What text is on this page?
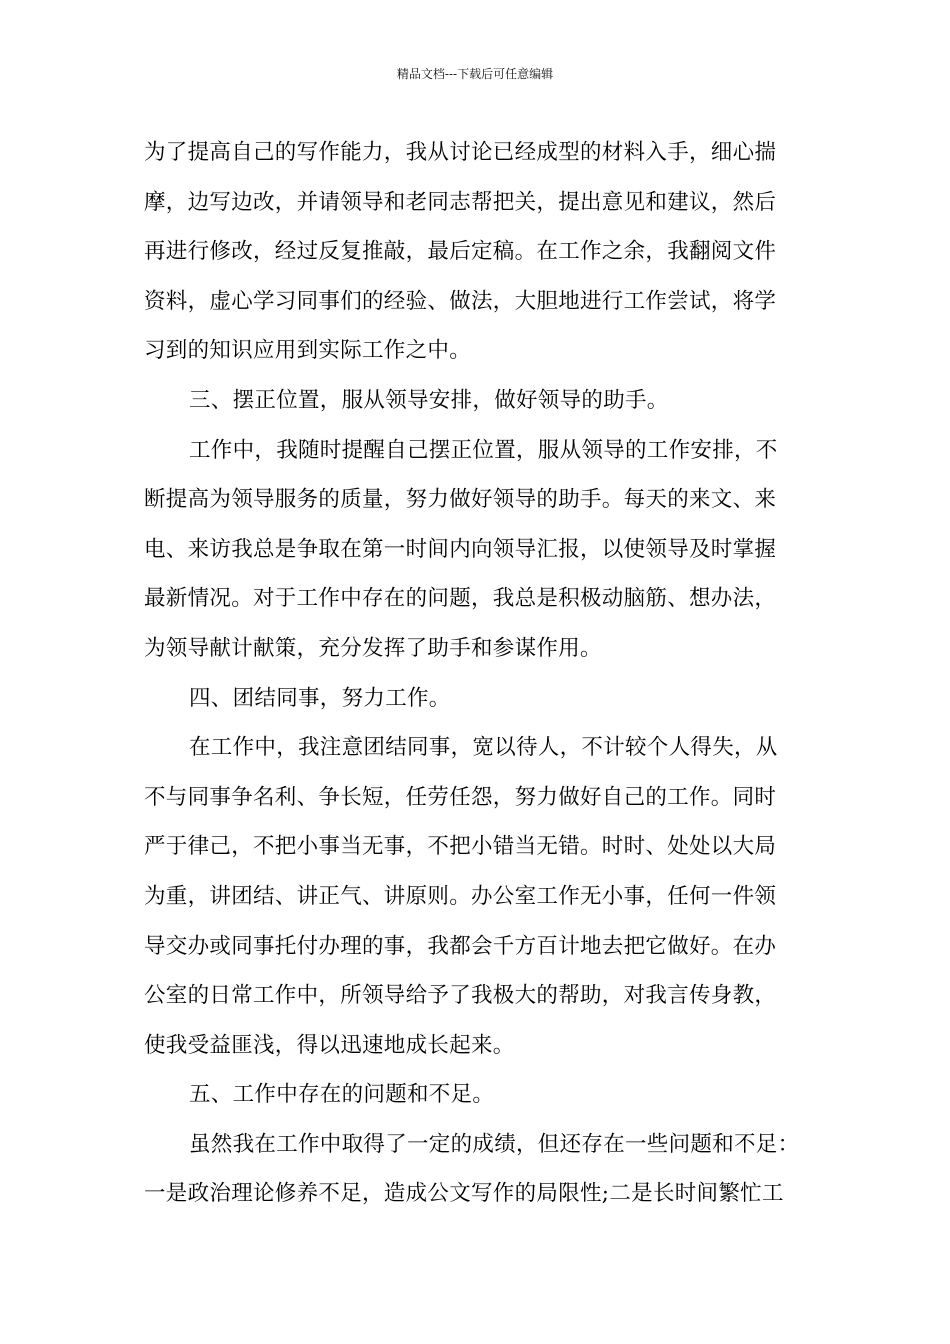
精品文档---下载后可任意编辑
为了提高自己的写作能力，我从讨论已经成型的材料入手，细心揣
摩，边写边改，并请领导和老同志帮把关，提出意见和建议，然后
再进行修改，经过反复推敲，最后定稿。在工作之余，我翻阅文件
资料，虚心学习同事们的经验、做法，大胆地进行工作尝试，将学
习到的知识应用到实际工作之中。
三、摆正位置，服从领导安排，做好领导的助手。
工作中，我随时提醒自己摆正位置，服从领导的工作安排，不
断提高为领导服务的质量，努力做好领导的助手。每天的来文、来
电、来访我总是争取在第一时间内向领导汇报，以使领导及时掌握
最新情况。对于工作中存在的问题，我总是积极动脑筋、想办法，
为领导献计献策，充分发挥了助手和参谋作用。
四、团结同事，努力工作。
在工作中，我注意团结同事，宽以待人，不计较个人得失，从
不与同事争名利、争长短，任劳任怨，努力做好自己的工作。同时
严于律己，不把小事当无事，不把小错当无错。时时、处处以大局
为重，讲团结、讲正气、讲原则。办公室工作无小事，任何一件领
导交办或同事托付办理的事，我都会千方百计地去把它做好。在办
公室的日常工作中，所领导给予了我极大的帮助，对我言传身教，
使我受益匪浅，得以迅速地成长起来。
五、工作中存在的问题和不足。
虽然我在工作中取得了一定的成绩，但还存在一些问题和不足：
一是政治理论修养不足，造成公文写作的局限性;二是长时间繁忙工
